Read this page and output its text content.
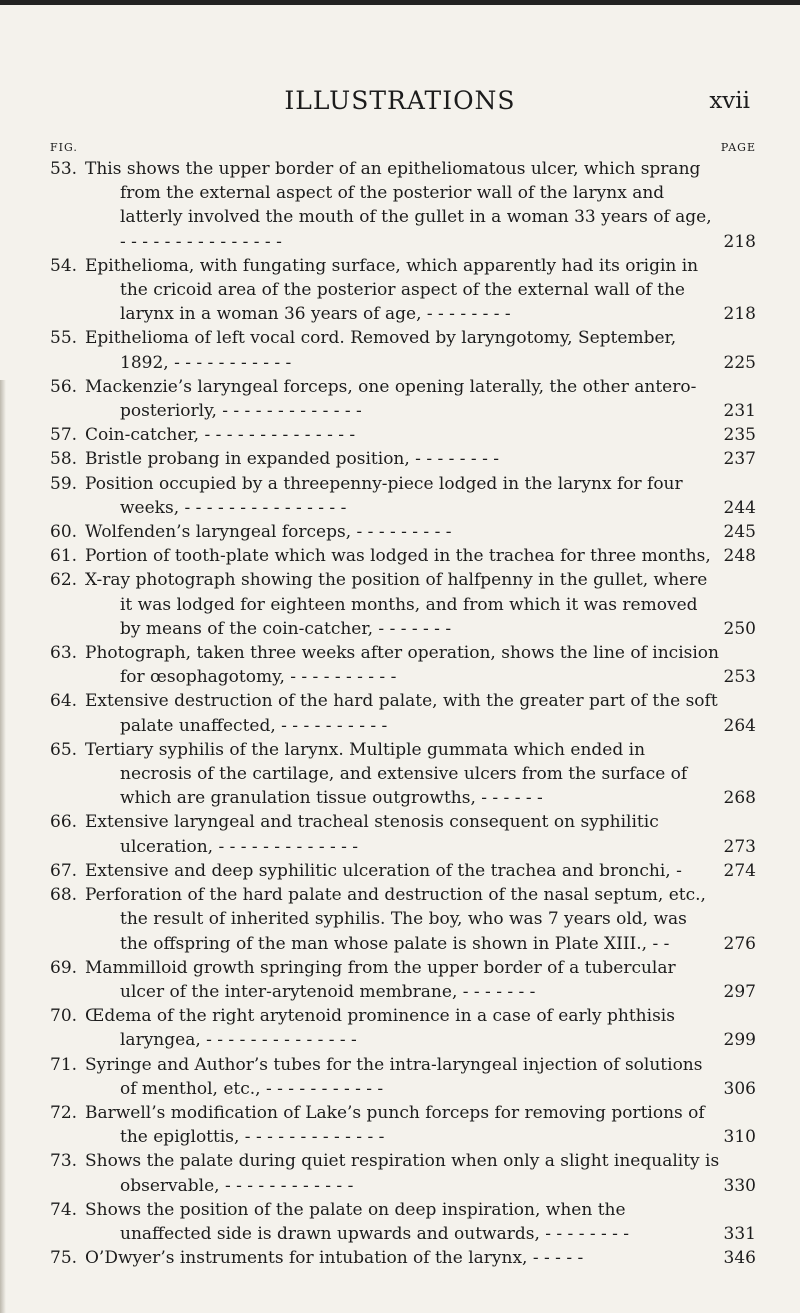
ILLUSTRATIONS	xvii
FIG.	PAGE
53. This shows the upper border of an epitheliomatous ulcer, which sprang from the external aspect of the posterior wall of the larynx and latterly involved the mouth of the gullet in a woman 33 years of age, - - - - - - - - - - - - - - -	218
54. Epithelioma, with fungating surface, which apparently had its origin in the cricoid area of the posterior aspect of the external wall of the larynx in a woman 36 years of age, - - - - - - - -	218
55. Epithelioma of left vocal cord. Removed by laryngotomy, September, 1892, - - - - - - - - - - -	225
56. Mackenzie’s laryngeal forceps, one opening laterally, the other antero-posteriorly, - - - - - - - - - - - - -	231
57. Coin-catcher, - - - - - - - - - - - - - -	235
58. Bristle probang in expanded position, - - - - - - - -	237
59. Position occupied by a threepenny-piece lodged in the larynx for four weeks, - - - - - - - - - - - - - - -	244
60. Wolfenden’s laryngeal forceps, - - - - - - - - -	245
61. Portion of tooth-plate which was lodged in the trachea for three months, 248
62. X-ray photograph showing the position of halfpenny in the gullet, where it was lodged for eighteen months, and from which it was removed by means of the coin-catcher, - - - - - - -	250
63. Photograph, taken three weeks after operation, shows the line of incision for œsophagotomy, - - - - - - - - - -	253
64. Extensive destruction of the hard palate, with the greater part of the soft palate unaffected, - - - - - - - - - -	264
65. Tertiary syphilis of the larynx. Multiple gummata which ended in necrosis of the cartilage, and extensive ulcers from the surface of which are granulation tissue outgrowths, - - - - - -	268
66. Extensive laryngeal and tracheal stenosis consequent on syphilitic ulceration, - - - - - - - - - - - - -	273
67. Extensive and deep syphilitic ulceration of the trachea and bronchi, -	274
68. Perforation of the hard palate and destruction of the nasal septum, etc., the result of inherited syphilis. The boy, who was 7 years old, was the offspring of the man whose palate is shown in Plate XIII., - -	276
69. Mammilloid growth springing from the upper border of a tubercular ulcer of the inter-arytenoid membrane, - - - - - - -	297
70. Œdema of the right arytenoid prominence in a case of early phthisis laryngea, - - - - - - - - - - - - - -	299
71. Syringe and Author’s tubes for the intra-laryngeal injection of solutions of menthol, etc., - - - - - - - - - - -	306
72. Barwell’s modification of Lake’s punch forceps for removing portions of the epiglottis, - - - - - - - - - - - - -	310
73. Shows the palate during quiet respiration when only a slight inequality is observable, - - - - - - - - - - - -	330
74. Shows the position of the palate on deep inspiration, when the unaffected side is drawn upwards and outwards, - - - - - - - -	331
75. O’Dwyer’s instruments for intubation of the larynx, - - - - -	346
